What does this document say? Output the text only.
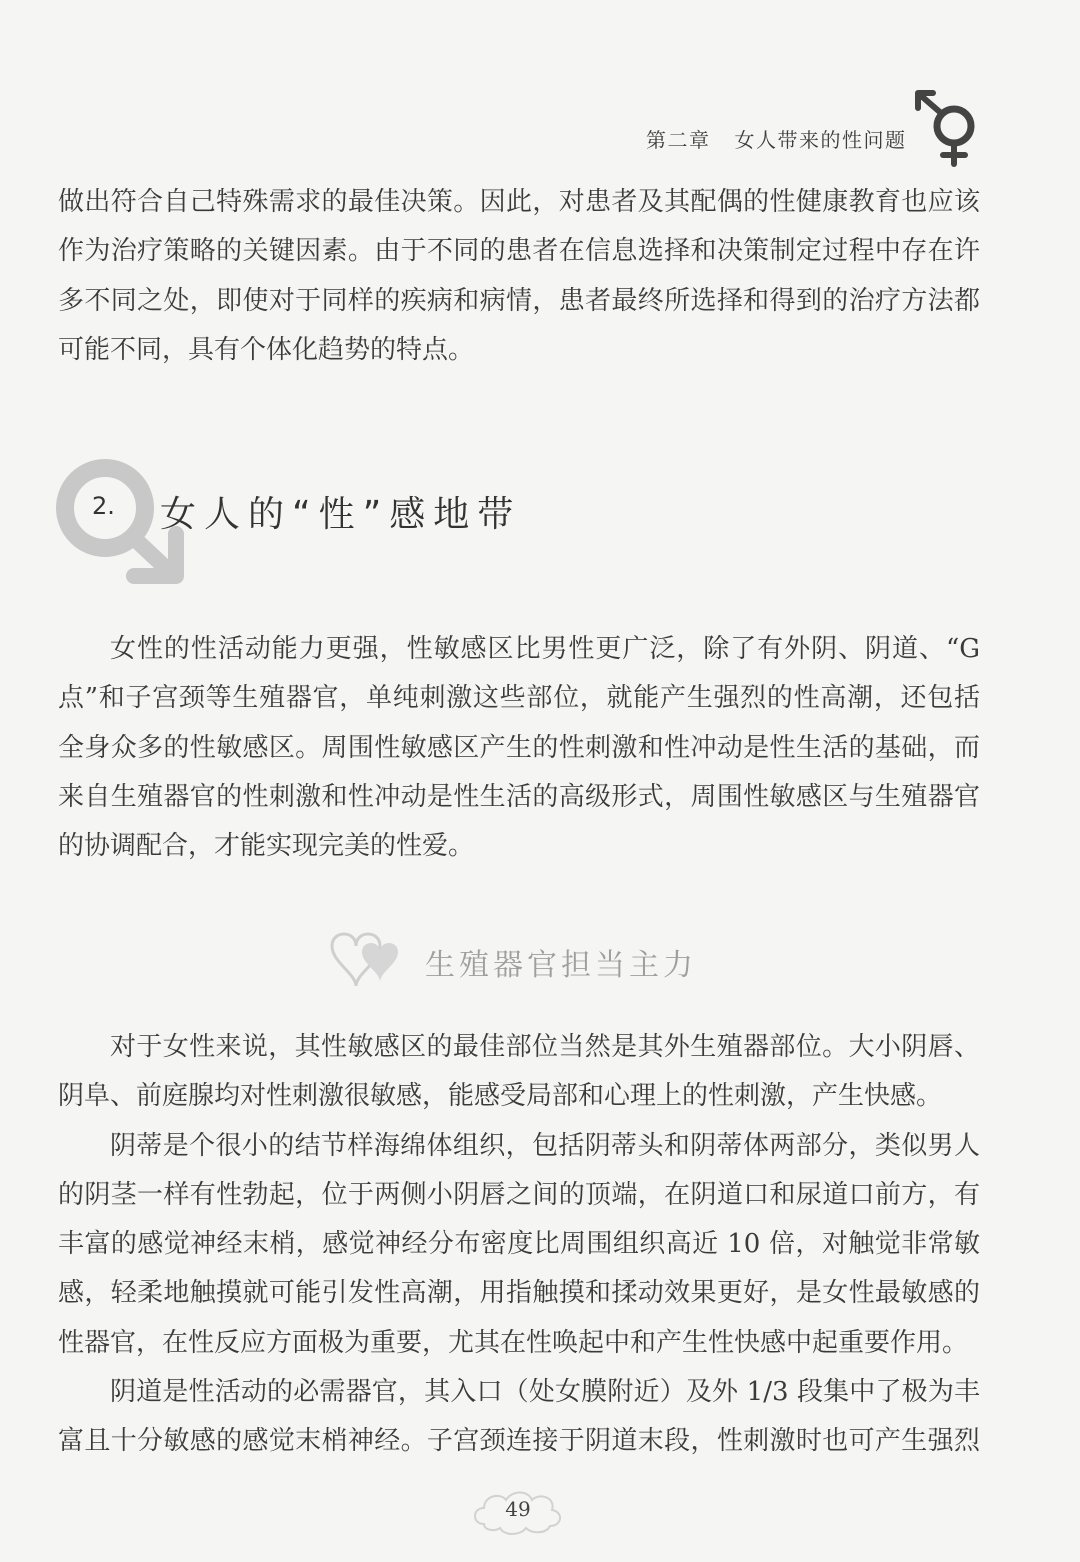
第二章 女人带来的性问题
做出符合自己特殊需求的最佳决策。因此，对患者及其配偶的性健康教育也应该
作为治疗策略的关键因素。由于不同的患者在信息选择和决策制定过程中存在许
多不同之处，即使对于同样的疾病和病情，患者最终所选择和得到的治疗方法都
可能不同，具有个体化趋势的特点。
2. 女人的“性”感地带
女性的性活动能力更强，性敏感区比男性更广泛，除了有外阴、阴道、“G
点”和子宫颈等生殖器官，单纯刺激这些部位，就能产生强烈的性高潮，还包括
全身众多的性敏感区。周围性敏感区产生的性刺激和性冲动是性生活的基础，而
来自生殖器官的性刺激和性冲动是性生活的高级形式，周围性敏感区与生殖器官
的协调配合，才能实现完美的性爱。
生殖器官担当主力
对于女性来说，其性敏感区的最佳部位当然是其外生殖器部位。大小阴唇、
阴阜、前庭腺均对性刺激很敏感，能感受局部和心理上的性刺激，产生快感。
阴蒂是个很小的结节样海绵体组织，包括阴蒂头和阴蒂体两部分，类似男人
的阴茎一样有性勃起，位于两侧小阴唇之间的顶端，在阴道口和尿道口前方，有
丰富的感觉神经末梢，感觉神经分布密度比周围组织高近 10 倍，对触觉非常敏
感，轻柔地触摸就可能引发性高潮，用指触摸和揉动效果更好，是女性最敏感的
性器官，在性反应方面极为重要，尤其在性唤起中和产生性快感中起重要作用。
阴道是性活动的必需器官，其入口（处女膜附近）及外 1/3 段集中了极为丰
富且十分敏感的感觉末梢神经。子宫颈连接于阴道末段，性刺激时也可产生强烈
49
